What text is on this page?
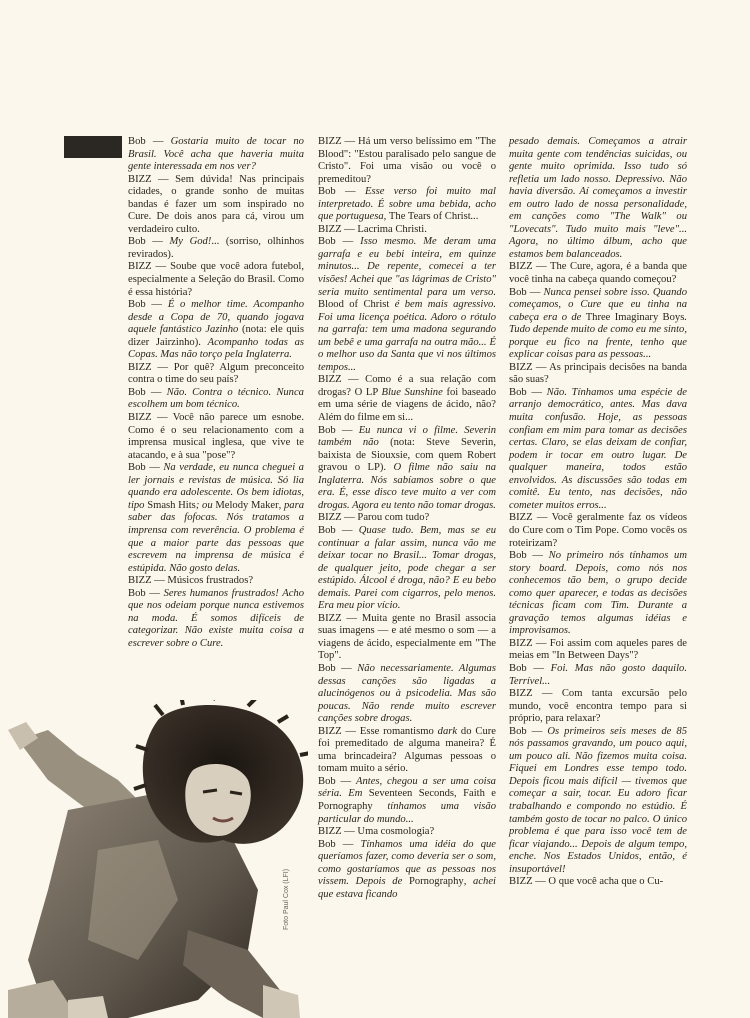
Bob — Gostaria muito de tocar no Brasil. Você acha que haveria muita gente interessada em nos ver?

BIZZ — Sem dúvida! Nas principais cidades, o grande sonho de muitas bandas é fazer um som inspirado no Cure. De dois anos para cá, virou um verdadeiro culto.

Bob — My God!... (sorriso, olhinhos revirados).

BIZZ — Soube que você adora futebol, especialmente a Seleção do Brasil. Como é essa história?

Bob — É o melhor time. Acompanho desde a Copa de 70, quando jogava aquele fantástico Jazinho (nota: ele quis dizer Jairzinho). Acompanho todas as Copas. Mas não torço pela Inglaterra.

BIZZ — Por quê? Algum preconceito contra o time do seu país?

Bob — Não. Contra o técnico. Nunca escolhem um bom técnico.

BIZZ — Você não parece um esnobe. Como é o seu relacionamento com a imprensa musical inglesa, que vive te atacando, e à sua "pose"?

Bob — Na verdade, eu nunca cheguei a ler jornais e revistas de música. Só lia quando era adolescente. Os bem idiotas, tipo Smash Hits; ou Melody Maker, para saber das fofocas. Nós tratamos a imprensa com reverência. O problema é que a maior parte das pessoas que escrevem na imprensa de música é estúpida. Não gosto delas.

BIZZ — Músicos frustrados?

Bob — Seres humanos frustrados! Acho que nos odeiam porque nunca estivemos na moda. É somos difíceis de categorizar. Não existe muita coisa a escrever sobre o Cure.

BIZZ — Há um verso belíssimo em "The Blood": "Estou paralisado pelo sangue de Cristo". Foi uma visão ou você o premeditou?

Bob — Esse verso foi muito mal interpretado. É sobre uma bebida, acho que portuguesa, The Tears of Christ...

BIZZ — Lacrima Christi.

Bob — Isso mesmo. Me deram uma garrafa e eu bebi inteira, em quinze minutos... De repente, comecei a ter visões! Achei que "as lágrimas de Cristo" seria muito sentimental para um verso. Blood of Christ é bem mais agressivo. Foi uma licença poética. Adoro o rótulo na garrafa: tem uma madona segurando um bebê e uma garrafa na outra mão... É o melhor uso da Santa que vi nos últimos tempos...

BIZZ — Como é a sua relação com drogas? O LP Blue Sunshine foi baseado em uma série de viagens de ácido, não? Além do filme em si...

Bob — Eu nunca vi o filme. Severin também não (nota: Steve Severin, baixista de Siouxsie, com quem Robert gravou o LP). O filme não saiu na Inglaterra. Nós sabíamos sobre o que era. É, esse disco teve muito a ver com drogas. Agora eu tento não tomar drogas.

BIZZ — Parou com tudo?

Bob — Quase tudo. Bem, mas se eu continuar a falar assim, nunca vão me deixar tocar no Brasil... Tomar drogas, de qualquer jeito, pode chegar a ser estúpido. Álcool é droga, não? E eu bebo demais. Parei com cigarros, pelo menos. Era meu pior vício.

BIZZ — Muita gente no Brasil associa suas imagens — e até mesmo o som — a viagens de ácido, especialmente em "The Top".

Bob — Não necessariamente. Algumas dessas canções são ligadas a alucinógenos ou à psicodelia. Mas são poucas. Não rende muito escrever canções sobre drogas.

BIZZ — Esse romantismo dark do Cure foi premeditado de alguma maneira? É uma brincadeira? Algumas pessoas o tomam muito a sério.

Bob — Antes, chegou a ser uma coisa séria. Em Seventeen Seconds, Faith e Pornography tínhamos uma visão particular do mundo...

BIZZ — Uma cosmologia?

Bob — Tínhamos uma idéia do que queríamos fazer, como deveria ser o som, como gostaríamos que as pessoas nos vissem. Depois de Pornography, achei que estava ficando

pesado demais. Começamos a atrair muita gente com tendências suicidas, ou gente muito oprimida. Isso tudo só refletia um lado nosso. Depressivo. Não havia diversão. Aí começamos a investir em outro lado de nossa personalidade, em canções como "The Walk" ou "Lovecats". Tudo muito mais "leve"... Agora, no último álbum, acho que estamos bem balanceados.

BIZZ — The Cure, agora, é a banda que você tinha na cabeça quando começou?

Bob — Nunca pensei sobre isso. Quando começamos, o Cure que eu tinha na cabeça era o de Three Imaginary Boys. Tudo depende muito de como eu me sinto, porque eu fico na frente, tenho que explicar coisas para as pessoas...

BIZZ — As principais decisões na banda são suas?

Bob — Não. Tínhamos uma espécie de arranjo democrático, antes. Mas dava muita confusão. Hoje, as pessoas confiam em mim para tomar as decisões certas. Claro, se elas deixam de confiar, podem ir tocar em outro lugar. De qualquer maneira, todos estão envolvidos. As discussões são todas em comitê. Eu tento, nas decisões, não cometer muitos erros...

BIZZ — Você geralmente faz os vídeos do Cure com o Tim Pope. Como vocês os roteirizam?

Bob — No primeiro nós tínhamos um story board. Depois, como nós nos conhecemos tão bem, o grupo decide como quer aparecer, e todas as decisões técnicas ficam com Tim. Durante a gravação temos algumas idéias e improvisamos.

BIZZ — Foi assim com aqueles pares de meias em "In Between Days"?

Bob — Foi. Mas não gosto daquilo. Terrível...

BIZZ — Com tanta excursão pelo mundo, você encontra tempo para si próprio, para relaxar?

Bob — Os primeiros seis meses de 85 nós passamos gravando, um pouco aqui, um pouco ali. Não fizemos muita coisa. Fiquei em Londres esse tempo todo. Depois ficou mais difícil — tivemos que começar a sair, tocar. Eu adoro ficar trabalhando e compondo no estúdio. É também gosto de tocar no palco. O único problema é que para isso você tem de ficar viajando... Depois de algum tempo, enche. Nos Estados Unidos, então, é insuportável!

BIZZ — O que você acha que o Cu-

Foto Paul Cox (LFI)
